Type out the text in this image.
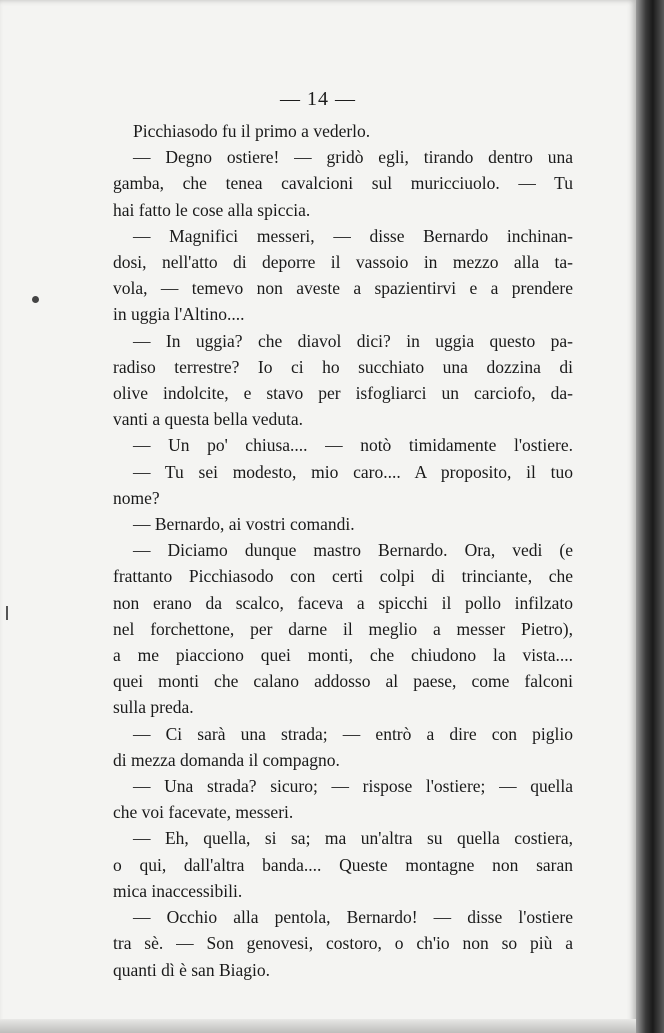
— 14 —
Picchiasodo fu il primo a vederlo.
— Degno ostiere! — gridò egli, tirando dentro una
gamba, che tenea cavalcioni sul muricciuolo. — Tu
hai fatto le cose alla spiccia.
— Magnifici messeri, — disse Bernardo inchinan-
dosi, nell'atto di deporre il vassoio in mezzo alla ta-
vola, — temevo non aveste a spazientirvi e a prendere
in uggia l'Altino....
— In uggia? che diavol dici? in uggia questo pa-
radiso terrestre? Io ci ho succhiato una dozzina di
olive indolcite, e stavo per isfogliarci un carciofo, da-
vanti a questa bella veduta.
— Un po' chiusa.... — notò timidamente l'ostiere.
— Tu sei modesto, mio caro.... A proposito, il tuo
nome?
— Bernardo, ai vostri comandi.
— Diciamo dunque mastro Bernardo. Ora, vedi (e
frattanto Picchiasodo con certi colpi di trinciante, che
non erano da scalco, faceva a spicchi il pollo infilzato
nel forchettone, per darne il meglio a messer Pietro),
a me piacciono quei monti, che chiudono la vista....
quei monti che calano addosso al paese, come falconi
sulla preda.
— Ci sarà una strada; — entrò a dire con piglio
di mezza domanda il compagno.
— Una strada? sicuro; — rispose l'ostiere; — quella
che voi facevate, messeri.
— Eh, quella, si sa; ma un'altra su quella costiera,
o qui, dall'altra banda.... Queste montagne non saran
mica inaccessibili.
— Occhio alla pentola, Bernardo! — disse l'ostiere
tra sè. — Son genovesi, costoro, o ch'io non so più a
quanti dì è san Biagio.
